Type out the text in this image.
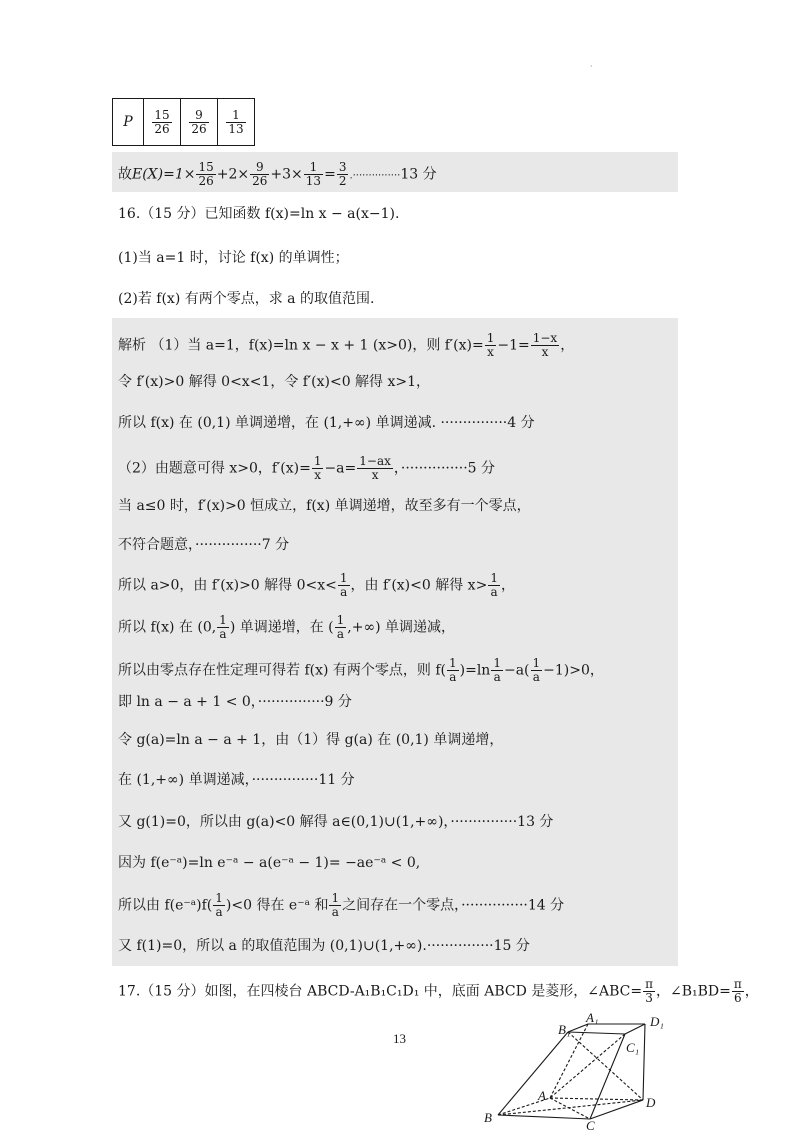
·
P	$\frac{15}{26}$	$\frac{9}{26}$	$\frac{1}{13}$
故$E(X)=1\times \frac{15}{26} +2\times \frac{9}{26} +3\times \frac{1}{13} = \frac{3}{2} .\cdot\cdot\cdot\cdot\cdot\cdot\cdot\cdot\cdot\cdot\cdot\cdot\cdot\cdot\cdot 13$ 分
16.（15 分）已知函数 f(x)=ln x − a(x−1).
(1)当 a=1 时，讨论 f(x) 的单调性；
(2)若 f(x) 有两个零点，求 a 的取值范围.
解析 （1）当 a=1，f(x)=ln x − x + 1 (x>0)，则 $f'(x)= \frac{1}{x} -1= \frac{1-x}{x}$ ，
令 f′(x)>0 解得 0<x<1，令 f′(x)<0 解得 x>1，
所以 f(x) 在 (0,1) 单调递增，在 (1,+∞) 单调递减. ···············4 分
（2）由题意可得 x>0，$f'(x)= \frac{1}{x} -a= \frac{1-ax}{x}$ ，···············5 分
当 a≤0 时，f′(x)>0 恒成立，f(x) 单调递增，故至多有一个零点，
不符合题意，···············7 分
所以 a>0，由 f′(x)>0 解得 $0<x< \frac{1}{a}$ ，由 f′(x)<0 解得 $x> \frac{1}{a}$ ，
所以 f(x) 在 (0, $\frac{1}{a}$ ) 单调递增，在 ( $\frac{1}{a}$ ,+∞) 单调递减，
所以由零点存在性定理可得若 f(x) 有两个零点，则 $f( \frac{1}{a} )=\ln \frac{1}{a} -a( \frac{1}{a} -1)>0$，
即 ln a − a + 1 < 0，···············9 分
令 g(a)=ln a − a + 1，由（1）得 g(a) 在 (0,1) 单调递增，
在 (1,+∞) 单调递减，···············11 分
又 g(1)=0，所以由 g(a)<0 解得 a∈(0,1)∪(1,+∞)，···············13 分
因为 f(e⁻ᵃ)=ln e⁻ᵃ − a(e⁻ᵃ − 1)= −ae⁻ᵃ < 0,
所以由 f(e⁻ᵃ)f( $\frac{1}{a} )<0$ 得在 e⁻ᵃ 和 $\frac{1}{a}$ 之间存在一个零点，···············14 分
又 f(1)=0，所以 a 的取值范围为 (0,1)∪(1,+∞).···············15 分
17.（15 分）如图，在四棱台 ABCD-A₁B₁C₁D₁ 中，底面 ABCD 是菱形，∠ABC= $\frac{\pi}{3}$ ，∠B₁BD= $\frac{\pi}{6}$ ，
13
B₁
A₁	D₁
C₁
A
B
C
D
